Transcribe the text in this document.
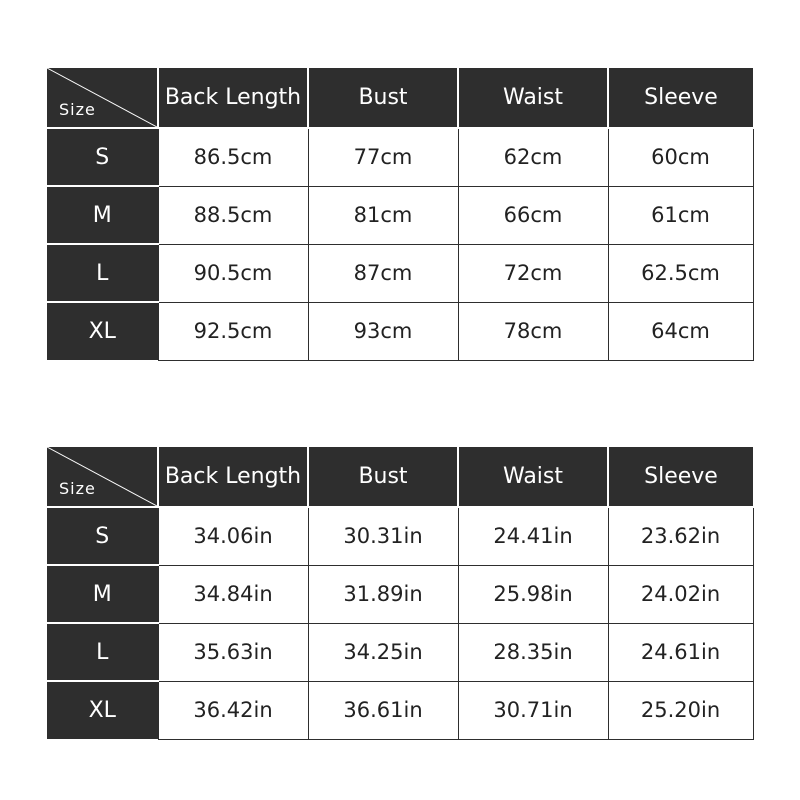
Size	Back Length	Bust	Waist	Sleeve
S	86.5cm	77cm	62cm	60cm
M	88.5cm	81cm	66cm	61cm
L	90.5cm	87cm	72cm	62.5cm
XL	92.5cm	93cm	78cm	64cm
Size	Back Length	Bust	Waist	Sleeve
S	34.06in	30.31in	24.41in	23.62in
M	34.84in	31.89in	25.98in	24.02in
L	35.63in	34.25in	28.35in	24.61in
XL	36.42in	36.61in	30.71in	25.20in
